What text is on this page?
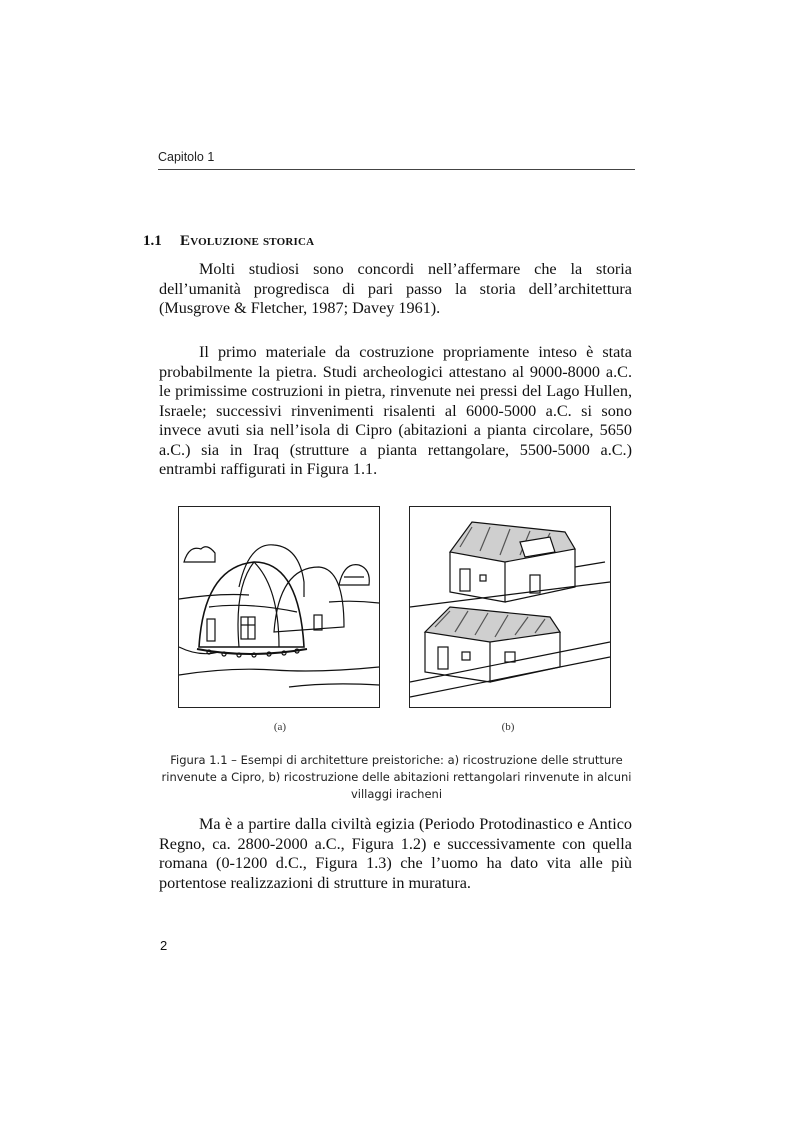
Capitolo 1
1.1 Evoluzione storica

Molti studiosi sono concordi nell’affermare che la storia dell’umanità progredisca di pari passo la storia dell’architettura (Musgrove & Fletcher, 1987; Davey 1961).

Il primo materiale da costruzione propriamente inteso è stata probabilmente la pietra. Studi archeologici attestano al 9000-8000 a.C. le primissime costruzioni in pietra, rinvenute nei pressi del Lago Hullen, Israele; successivi rinvenimenti risalenti al 6000-5000 a.C. si sono invece avuti sia nell’isola di Cipro (abitazioni a pianta circolare, 5650 a.C.) sia in Iraq (strutture a pianta rettangolare, 5500-5000 a.C.) entrambi raffigurati in Figura 1.1.

(a)	(b)
Figura 1.1 – Esempi di architetture preistoriche: a) ricostruzione delle strutture rinvenute a Cipro, b) ricostruzione delle abitazioni rettangolari rinvenute in alcuni villaggi iracheni

Ma è a partire dalla civiltà egizia (Periodo Protodinastico e Antico Regno, ca. 2800-2000 a.C., Figura 1.2) e successivamente con quella romana (0-1200 d.C., Figura 1.3) che l’uomo ha dato vita alle più portentose realizzazioni di strutture in muratura.

2
